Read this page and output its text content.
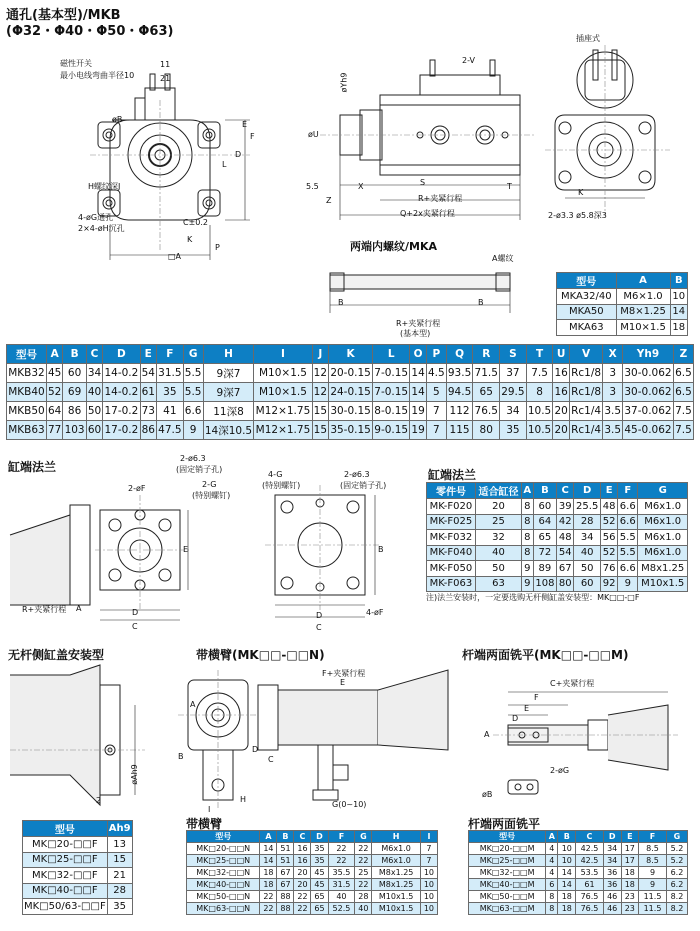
通孔(基本型)/MKB
(Φ32・Φ40・Φ50・Φ63)
磁性开关
最小电线弯曲半径10
11
21
øB
H螺纹深J
4-øG通孔
2×4-øH沉孔
C±0.2
K
□A
P
F
E
L
D
2-V
øYh9
øU
5.5
Z
X	S	T
R+夹紧行程
Q+2x夹紧行程
插座式
K
2-ø3.3 ø5.8深3
两端内螺纹/MKA
A螺纹
B	B
R+夹紧行程
(基本型)
型号	A	B
MKA32/40	M6×1.0	10
MKA50	M8×1.25	14
MKA63	M10×1.5	18
型号	A	B	C	D	E	F	G	H	I	J	K	L	O	P	Q	R	S	T	U	V	X	Yh9	Z
MKB32	45	60	34	14-0.2	54	31.5	5.5	9深7	M10×1.5	12	20-0.15	7-0.15	14	4.5	93.5	71.5	37	7.5	16	Rc1/8	3	30-0.062	6.5
MKB40	52	69	40	14-0.2	61	35	5.5	9深7	M10×1.5	12	24-0.15	7-0.15	14	5	94.5	65	29.5	8	16	Rc1/8	3	30-0.062	6.5
MKB50	64	86	50	17-0.2	73	41	6.6	11深8	M12×1.75	15	30-0.15	8-0.15	19	7	112	76.5	34	10.5	20	Rc1/4	3.5	37-0.062	7.5
MKB63	77	103	60	17-0.2	86	47.5	9	14深10.5	M12×1.75	15	35-0.15	9-0.15	19	7	115	80	35	10.5	20	Rc1/4	3.5	45-0.062	7.5
缸端法兰
2-øF	2-G
(特别螺钉)
2-ø6.3
(固定销子孔)
E
D
C
R+夹紧行程 A
4-G
(特别螺钉)
2-ø6.3
(固定销子孔)
B
4-øF
D
C
缸端法兰
零件号	适合缸径	A	B	C	D	E	F	G
MK-F020	20	8	60	39	25.5	48	6.6	M6x1.0
MK-F025	25	8	64	42	28	52	6.6	M6x1.0
MK-F032	32	8	65	48	34	56	5.5	M6x1.0
MK-F040	40	8	72	54	40	52	5.5	M6x1.0
MK-F050	50	9	89	67	50	76	6.6	M8x1.25
MK-F063	63	9	108	80	60	92	9	M10x1.5
注)法兰安装时，一定要选购无杆侧缸盖安装型：MK□□-□F
无杆侧缸盖安装型
øAh9
2
型号	Ah9
MK□20-□□F	13
MK□25-□□F	15
MK□32-□□F	21
MK□40-□□F	28
MK□50/63-□□F	35
带横臂(MK□□-□□N)
F+夹紧行程
E
A
B
D
C
H
I
G(0~10)
带横臂
型号	A	B	C	D	F	G	H	I
MK□20-□□N	14	51	16	35	22	22	M6x1.0	7
MK□25-□□N	14	51	16	35	22	22	M6x1.0	7
MK□32-□□N	18	67	20	45	35.5	25	M8x1.25	10
MK□40-□□N	18	67	20	45	31.5	22	M8x1.25	10
MK□50-□□N	22	88	22	65	40	28	M10x1.5	10
MK□63-□□N	22	88	22	65	52.5	40	M10x1.5	10
杆端两面铣平(MK□□-□□M)
C+夹紧行程
F
E
D
A
2-øG
øB
杆端两面铣平
型号	A	B	C	D	E	F	G
MK□20-□□M	4	10	42.5	34	17	8.5	5.2
MK□25-□□M	4	10	42.5	34	17	8.5	5.2
MK□32-□□M	4	14	53.5	36	18	9	6.2
MK□40-□□M	6	14	61	36	18	9	6.2
MK□50-□□M	8	18	76.5	46	23	11.5	8.2
MK□63-□□M	8	18	76.5	46	23	11.5	8.2
